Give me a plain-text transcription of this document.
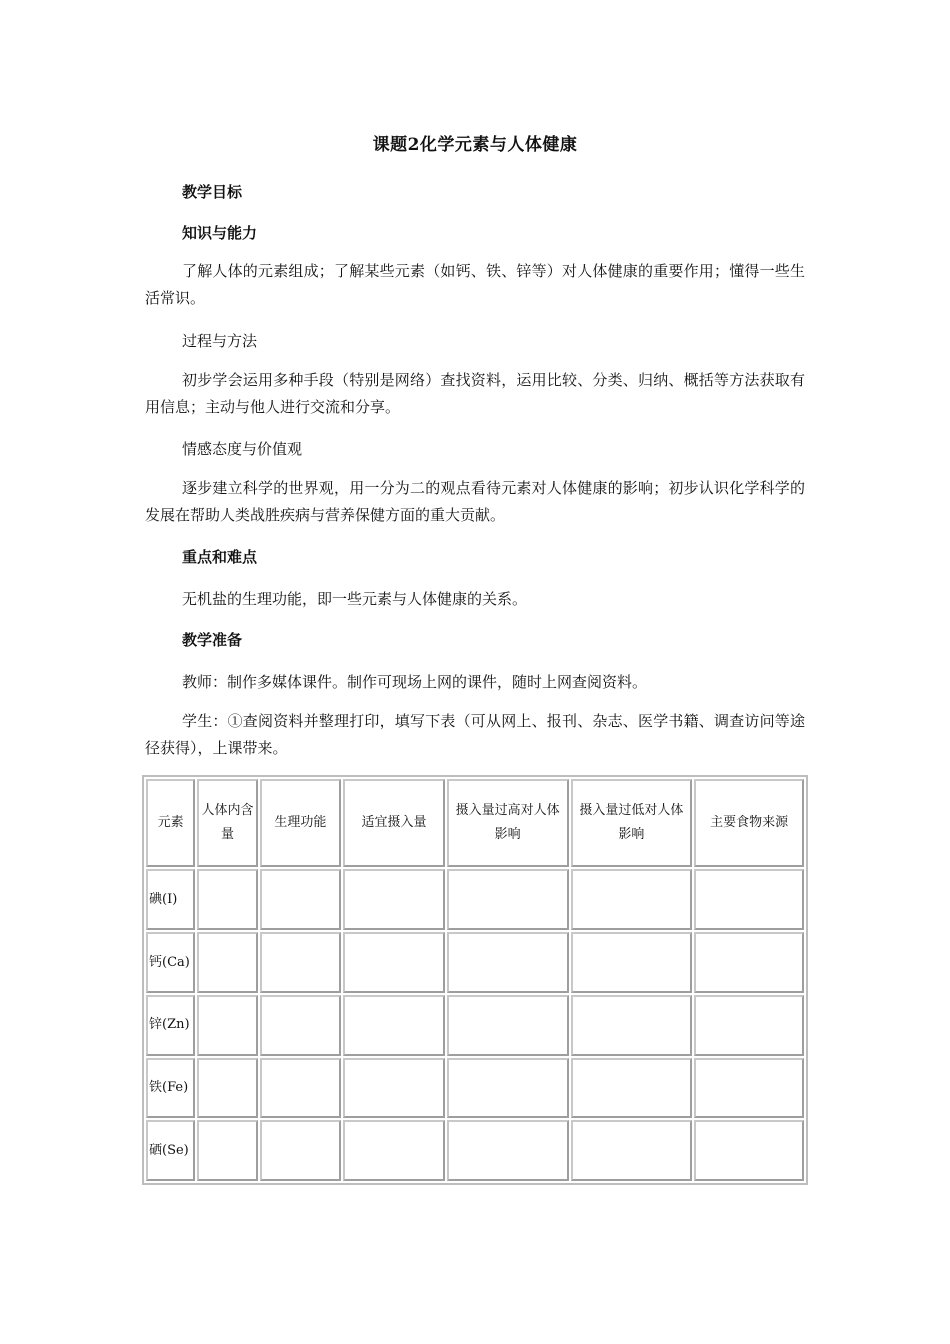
课题2化学元素与人体健康
教学目标
知识与能力
了解人体的元素组成；了解某些元素（如钙、铁、锌等）对人体健康的重要作用；懂得一些生活常识。
过程与方法
初步学会运用多种手段（特别是网络）查找资料，运用比较、分类、归纳、概括等方法获取有用信息；主动与他人进行交流和分享。
情感态度与价值观
逐步建立科学的世界观，用一分为二的观点看待元素对人体健康的影响；初步认识化学科学的发展在帮助人类战胜疾病与营养保健方面的重大贡献。
重点和难点
无机盐的生理功能，即一些元素与人体健康的关系。
教学准备
教师：制作多媒体课件。制作可现场上网的课件，随时上网查阅资料。
学生：①查阅资料并整理打印，填写下表（可从网上、报刊、杂志、医学书籍、调查访问等途径获得），上课带来。
元素	人体内含量	生理功能	适宜摄入量	摄入量过高对人体影响	摄入量过低对人体影响	主要食物来源
碘(I)						
钙(Ca)						
锌(Zn)						
铁(Fe)						
硒(Se)						
